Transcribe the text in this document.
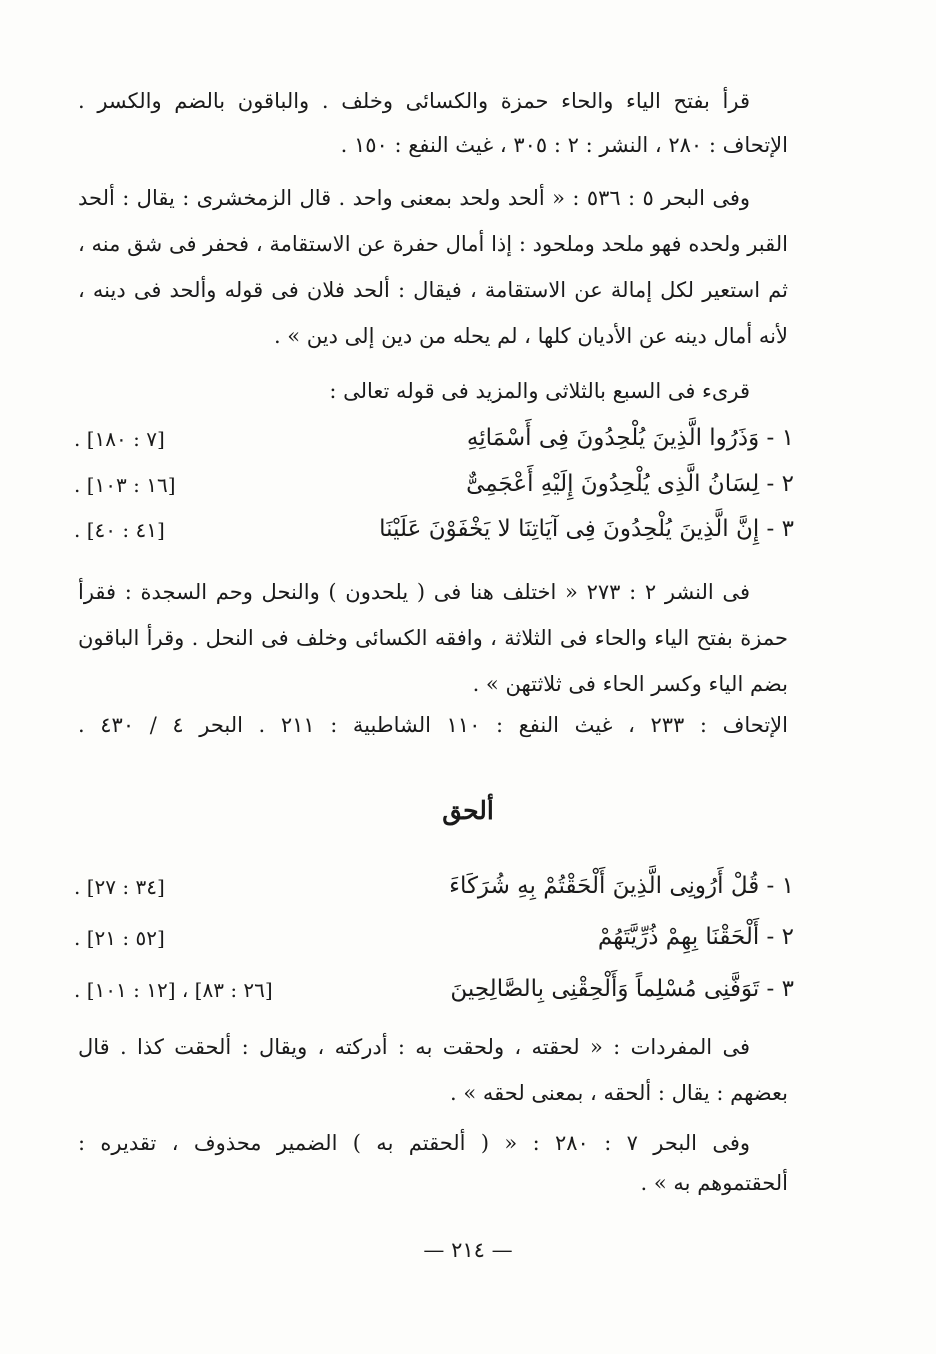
قرأ بفتح الياء والحاء حمزة والكسائى وخلف . والباقون بالضم والكسر .
الإتحاف : ٢٨٠ ، النشر : ٢ : ٣٠٥ ، غيث النفع : ١٥٠ .
وفى البحر ٥ : ٥٣٦ : « ألحد ولحد بمعنى واحد . قال الزمخشرى : يقال : ألحد
القبر ولحده فهو ملحد وملحود : إذا أمال حفرة عن الاستقامة ، فحفر فى شق منه ،
ثم استعير لكل إمالة عن الاستقامة ، فيقال : ألحد فلان فى قوله وألحد فى دينه ،
لأنه أمال دينه عن الأديان كلها ، لم يحله من دين إلى دين » .
قرىء فى السبع بالثلاثى والمزيد فى قوله تعالى :
١ - وَذَرُوا الَّذِينَ يُلْحِدُونَ فِى أَسْمَائِهِ
[٧ : ١٨٠] .
٢ - لِسَانُ الَّذِى يُلْحِدُونَ إِلَيْهِ أَعْجَمِىٌّ
[١٦ : ١٠٣] .
٣ - إِنَّ الَّذِينَ يُلْحِدُونَ فِى آيَاتِنَا لا يَخْفَوْنَ عَلَيْنَا
[٤١ : ٤٠] .
فى النشر ٢ : ٢٧٣ « اختلف هنا فى ( يلحدون ) والنحل وحم السجدة : فقرأ
حمزة بفتح الياء والحاء فى الثلاثة ، وافقه الكسائى وخلف فى النحل . وقرأ الباقون
بضم الياء وكسر الحاء فى ثلاثتهن » .
الإتحاف : ٢٣٣ ، غيث النفع : ١١٠ الشاطبية : ٢١١ . البحر ٤ / ٤٣٠ .
ألحق
١ - قُلْ أَرُونِى الَّذِينَ أَلْحَقْتُمْ بِهِ شُرَكَاءَ
[٣٤ : ٢٧] .
٢ - أَلْحَقْنَا بِهِمْ ذُرِّيَّتَهُمْ
[٥٢ : ٢١] .
٣ - تَوَفَّنِى مُسْلِماً وَأَلْحِقْنِى بِالصَّالِحِينَ
[٢٦ : ٨٣] ، [١٢ : ١٠١] .
فى المفردات : « لحقته ، ولحقت به : أدركته ، ويقال : ألحقت كذا . قال
بعضهم : يقال : ألحقه ، بمعنى لحقه » .
وفى البحر ٧ : ٢٨٠ : « ( ألحقتم به ) الضمير محذوف ، تقديره :
ألحقتموهم به » .
— ٢١٤ —
